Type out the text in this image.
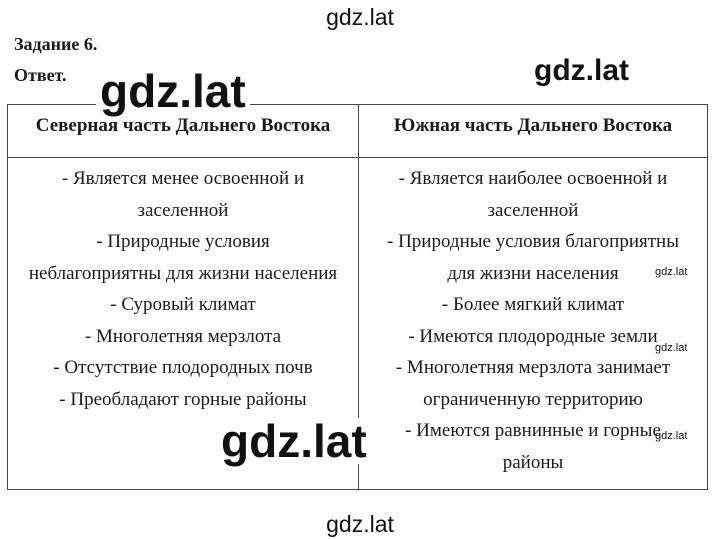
gdz.lat
Задание 6.
Ответ.
Северная часть Дальнего Востока	Южная часть Дальнего Востока
- Является менее освоенной и
заселенной
- Природные условия
неблагоприятны для жизни населения
- Суровый климат
- Многолетняя мерзлота
- Отсутствие плодородных почв
- Преобладают горные районы
- Является наиболее освоенной и
заселенной
- Природные условия благоприятны
для жизни населения
- Более мягкий климат
- Имеются плодородные земли
- Многолетняя мерзлота занимает
ограниченную территорию
- Имеются равнинные и горные
районы
gdz.lat	gdz.lat
gdz.lat
gdz.lat
gdz.lat
gdz.lat
gdz.lat
